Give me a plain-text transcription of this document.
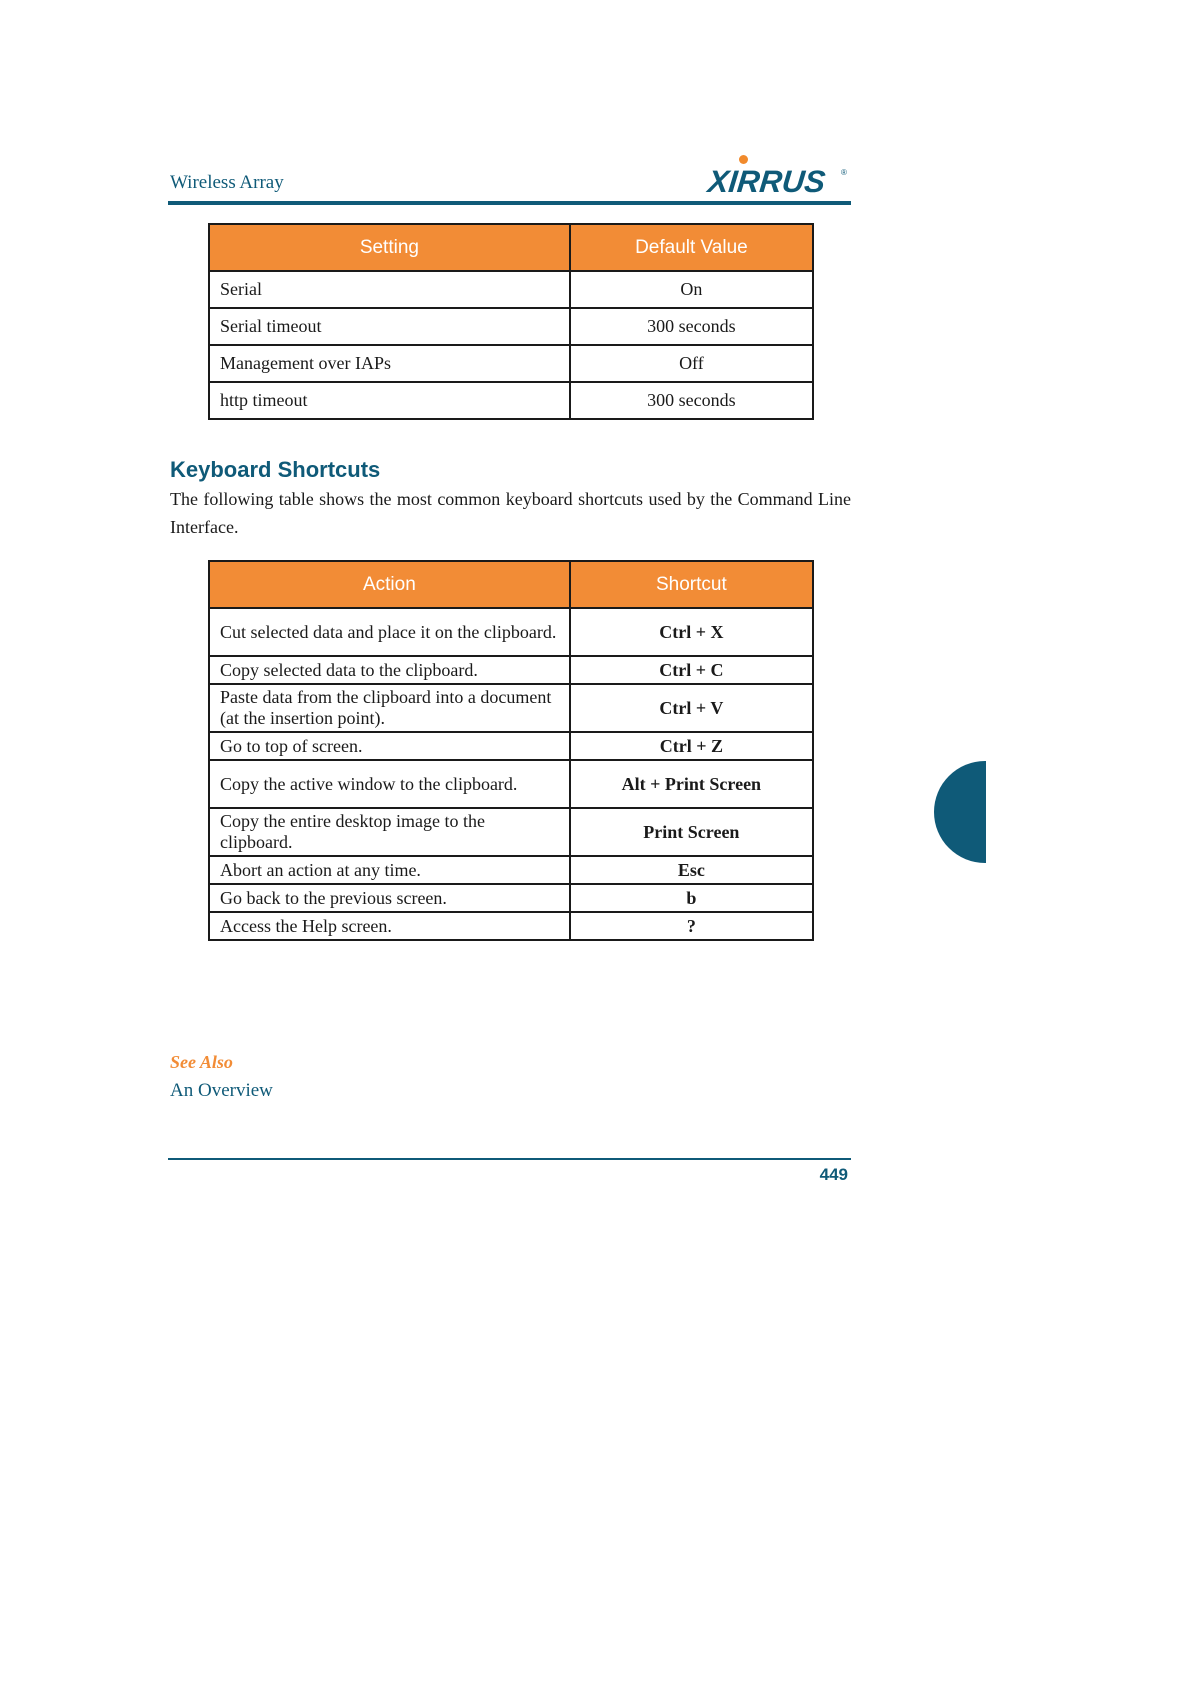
Wireless Array	XIRRUS ®
Setting	Default Value
Serial	On
Serial timeout	300 seconds
Management over IAPs	Off
http timeout	300 seconds
Keyboard Shortcuts
The following table shows the most common keyboard shortcuts used by the Command Line Interface.
Action	Shortcut
Cut selected data and place it on the clipboard.	Ctrl + X
Copy selected data to the clipboard.	Ctrl + C
Paste data from the clipboard into a document (at the insertion point).	Ctrl + V
Go to top of screen.	Ctrl + Z
Copy the active window to the clipboard.	Alt + Print Screen
Copy the entire desktop image to the clipboard.	Print Screen
Abort an action at any time.	Esc
Go back to the previous screen.	b
Access the Help screen.	?
See Also
An Overview
449
